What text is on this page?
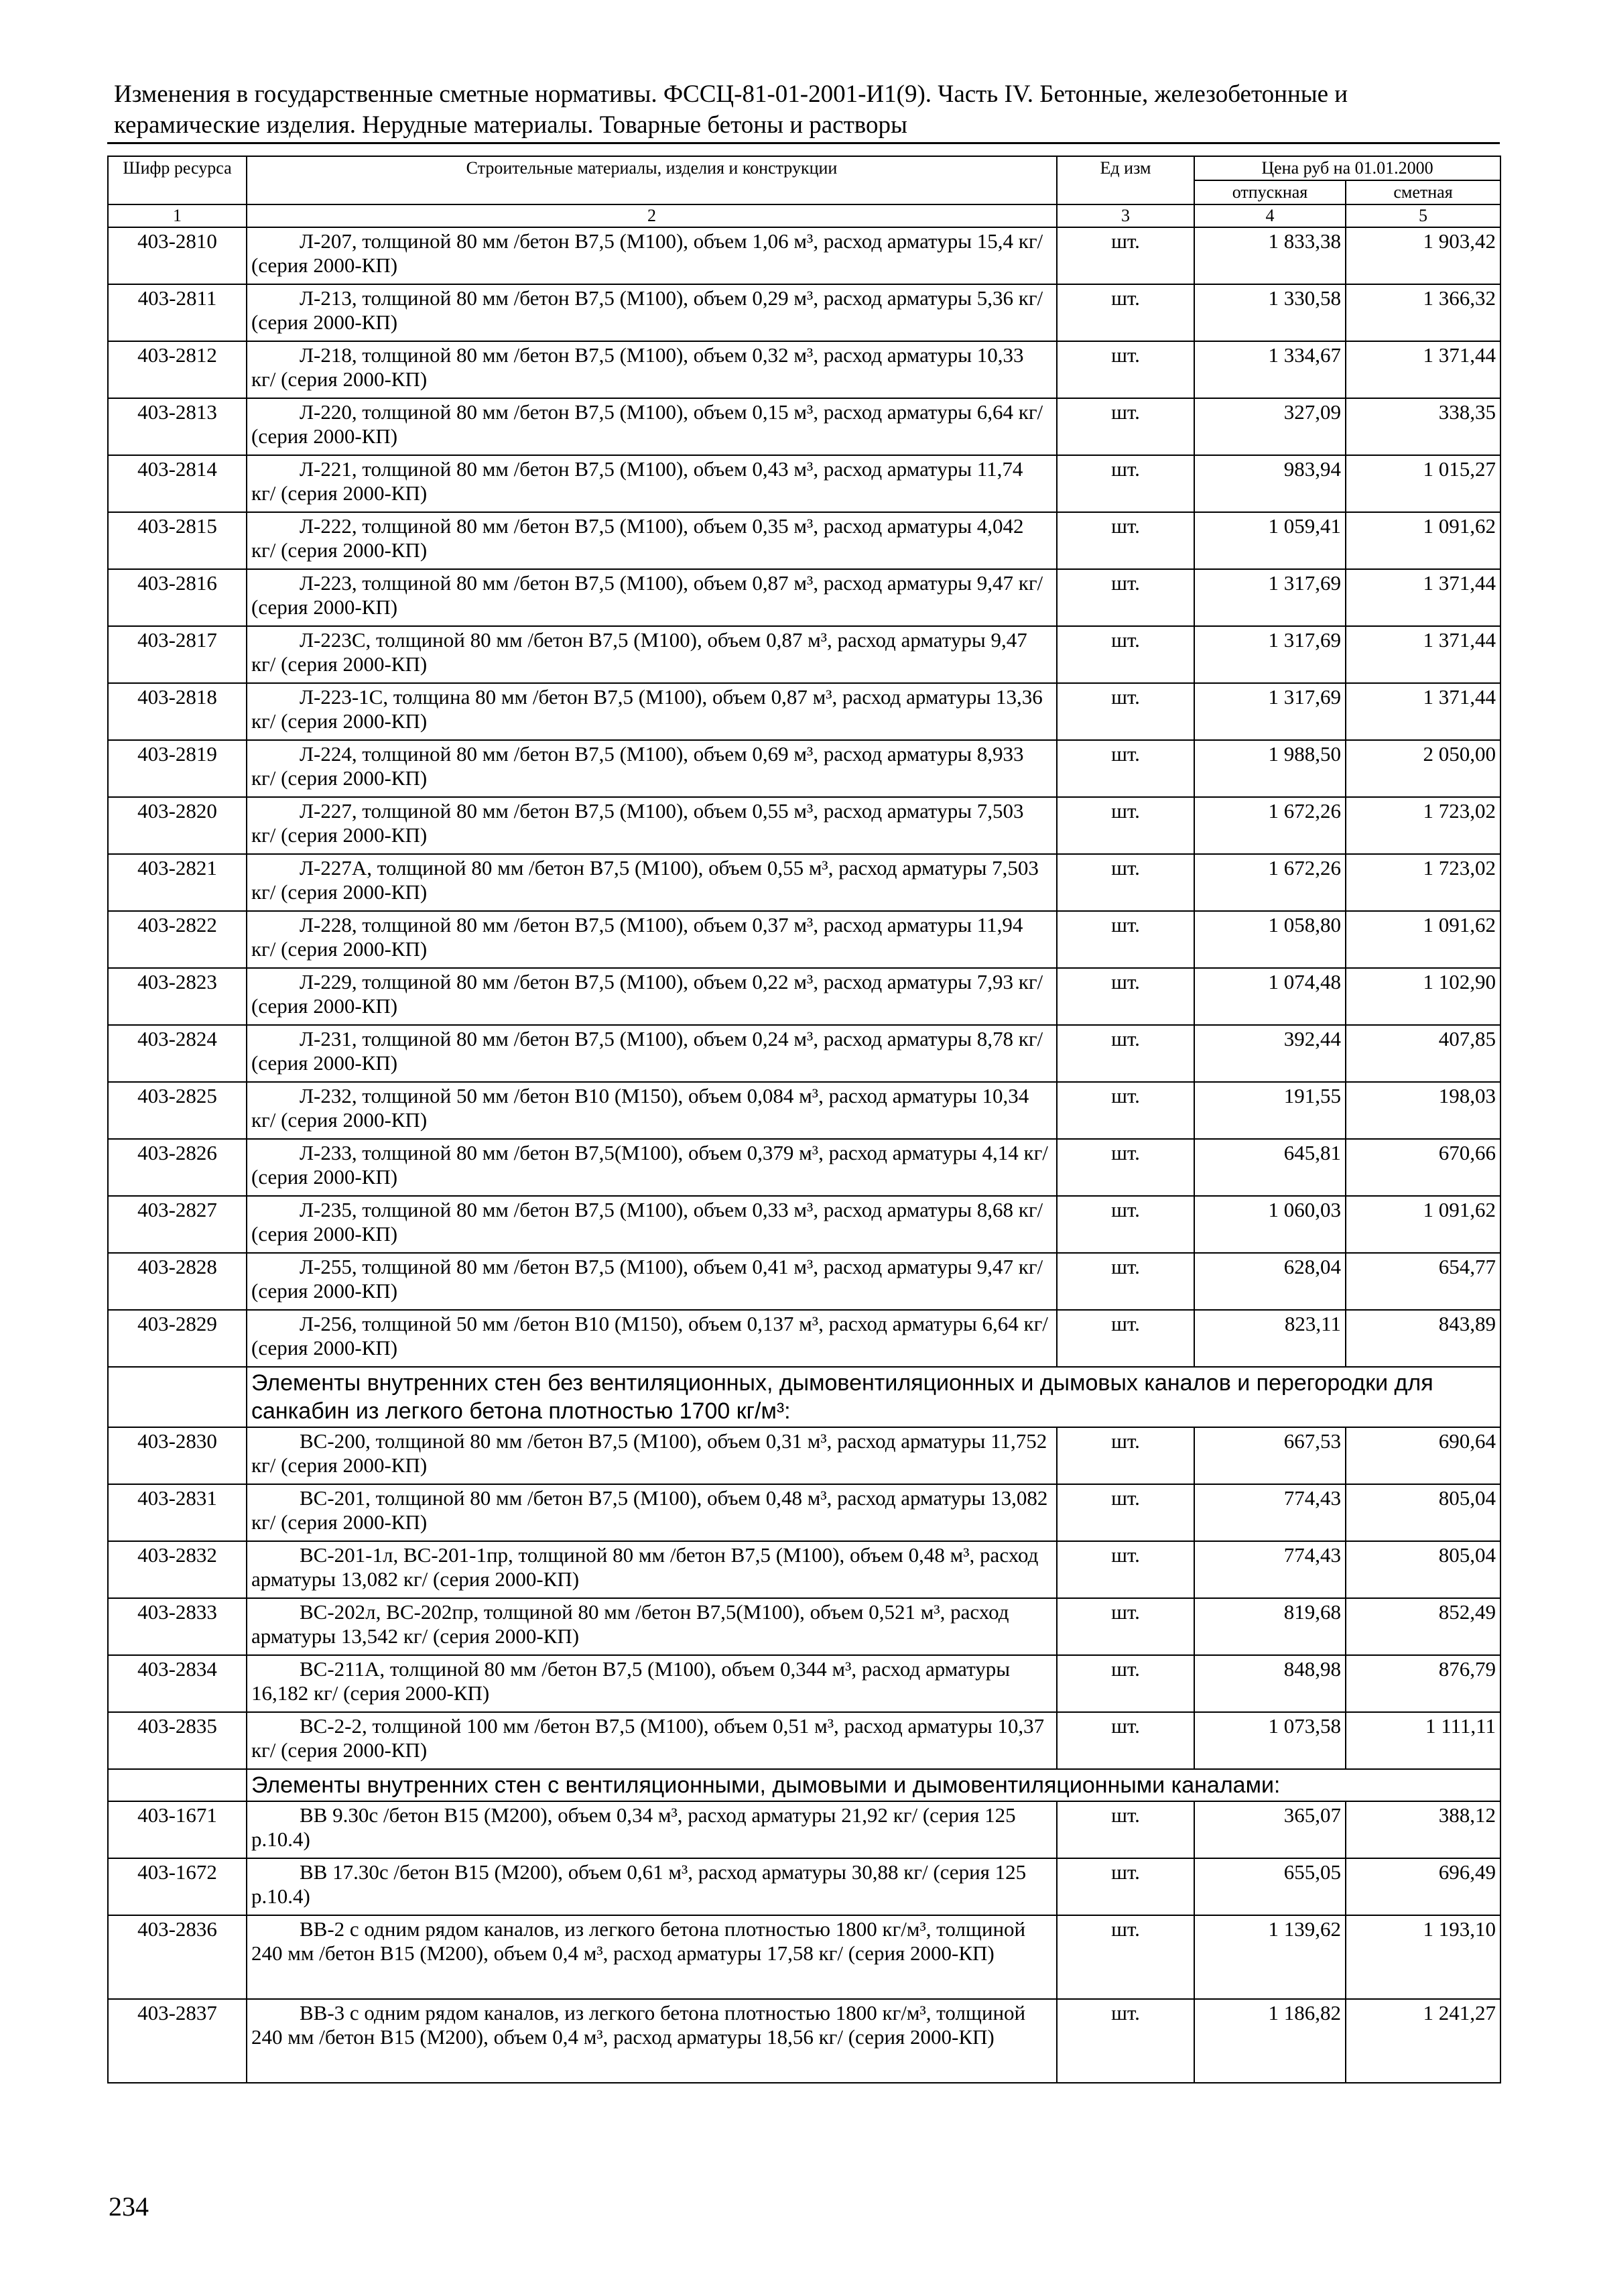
Изменения в государственные сметные нормативы. ФССЦ-81-01-2001-И1(9). Часть IV. Бетонные, железобетонные и керамические изделия. Нерудные материалы. Товарные бетоны и растворы
Шифр ресурса	Строительные материалы, изделия и конструкции	Ед изм	Цена руб на 01.01.2000	
			отпускная	сметная
1	2	3	4	5
403-2810	Л-207, толщиной 80 мм /бетон В7,5 (М100), объем 1,06 м³, расход арматуры 15,4 кг/ (серия 2000-КП)	шт.	1 833,38	1 903,42
403-2811	Л-213, толщиной 80 мм /бетон В7,5 (М100), объем 0,29 м³, расход арматуры 5,36 кг/ (серия 2000-КП)	шт.	1 330,58	1 366,32
403-2812	Л-218, толщиной 80 мм /бетон В7,5 (М100), объем 0,32 м³, расход арматуры 10,33 кг/ (серия 2000-КП)	шт.	1 334,67	1 371,44
403-2813	Л-220, толщиной 80 мм /бетон В7,5 (М100), объем 0,15 м³, расход арматуры 6,64 кг/ (серия 2000-КП)	шт.	327,09	338,35
403-2814	Л-221, толщиной 80 мм /бетон В7,5 (М100), объем 0,43 м³, расход арматуры 11,74 кг/ (серия 2000-КП)	шт.	983,94	1 015,27
403-2815	Л-222, толщиной 80 мм /бетон В7,5 (М100), объем 0,35 м³, расход арматуры 4,042 кг/ (серия 2000-КП)	шт.	1 059,41	1 091,62
403-2816	Л-223, толщиной 80 мм /бетон В7,5 (М100), объем 0,87 м³, расход арматуры 9,47 кг/ (серия 2000-КП)	шт.	1 317,69	1 371,44
403-2817	Л-223С, толщиной 80 мм /бетон В7,5 (М100), объем 0,87 м³, расход арматуры 9,47 кг/ (серия 2000-КП)	шт.	1 317,69	1 371,44
403-2818	Л-223-1С, толщина 80 мм /бетон В7,5 (М100), объем 0,87 м³, расход арматуры 13,36 кг/ (серия 2000-КП)	шт.	1 317,69	1 371,44
403-2819	Л-224, толщиной 80 мм /бетон В7,5 (М100), объем 0,69 м³, расход арматуры 8,933 кг/ (серия 2000-КП)	шт.	1 988,50	2 050,00
403-2820	Л-227, толщиной 80 мм /бетон В7,5 (М100), объем 0,55 м³, расход арматуры 7,503 кг/ (серия 2000-КП)	шт.	1 672,26	1 723,02
403-2821	Л-227А, толщиной 80 мм /бетон В7,5 (М100), объем 0,55 м³, расход арматуры 7,503 кг/ (серия 2000-КП)	шт.	1 672,26	1 723,02
403-2822	Л-228, толщиной 80 мм /бетон В7,5 (М100), объем 0,37 м³, расход арматуры 11,94 кг/ (серия 2000-КП)	шт.	1 058,80	1 091,62
403-2823	Л-229, толщиной 80 мм /бетон В7,5 (М100), объем 0,22 м³, расход арматуры 7,93 кг/ (серия 2000-КП)	шт.	1 074,48	1 102,90
403-2824	Л-231, толщиной 80 мм /бетон В7,5 (М100), объем 0,24 м³, расход арматуры 8,78 кг/ (серия 2000-КП)	шт.	392,44	407,85
403-2825	Л-232, толщиной 50 мм /бетон В10 (М150), объем 0,084 м³, расход арматуры 10,34 кг/ (серия 2000-КП)	шт.	191,55	198,03
403-2826	Л-233, толщиной 80 мм /бетон В7,5(М100), объем 0,379 м³, расход арматуры 4,14 кг/ (серия 2000-КП)	шт.	645,81	670,66
403-2827	Л-235, толщиной 80 мм /бетон В7,5 (М100), объем 0,33 м³, расход арматуры 8,68 кг/ (серия 2000-КП)	шт.	1 060,03	1 091,62
403-2828	Л-255, толщиной 80 мм /бетон В7,5 (М100), объем 0,41 м³, расход арматуры 9,47 кг/ (серия 2000-КП)	шт.	628,04	654,77
403-2829	Л-256, толщиной 50 мм /бетон В10 (М150), объем 0,137 м³, расход арматуры 6,64 кг/ (серия 2000-КП)	шт.	823,11	843,89
	Элементы внутренних стен без вентиляционных, дымовентиляционных и дымовых каналов и перегородки для санкабин из легкого бетона плотностью 1700 кг/м³:			
403-2830	ВС-200, толщиной 80 мм /бетон В7,5 (М100), объем 0,31 м³, расход арматуры 11,752 кг/ (серия 2000-КП)	шт.	667,53	690,64
403-2831	ВС-201, толщиной 80 мм /бетон В7,5 (М100), объем 0,48 м³, расход арматуры 13,082 кг/ (серия 2000-КП)	шт.	774,43	805,04
403-2832	ВС-201-1л, ВС-201-1пр, толщиной 80 мм /бетон В7,5 (М100), объем 0,48 м³, расход арматуры 13,082 кг/ (серия 2000-КП)	шт.	774,43	805,04
403-2833	ВС-202л, ВС-202пр, толщиной 80 мм /бетон В7,5(М100), объем 0,521 м³, расход арматуры 13,542 кг/ (серия 2000-КП)	шт.	819,68	852,49
403-2834	ВС-211А, толщиной 80 мм /бетон В7,5 (М100), объем 0,344 м³, расход арматуры 16,182 кг/ (серия 2000-КП)	шт.	848,98	876,79
403-2835	ВС-2-2, толщиной 100 мм /бетон В7,5 (М100), объем 0,51 м³, расход арматуры 10,37 кг/ (серия 2000-КП)	шт.	1 073,58	1 111,11
	Элементы внутренних стен с вентиляционными, дымовыми и дымовентиляционными каналами:			
403-1671	ВВ 9.30с /бетон В15 (М200), объем 0,34 м³, расход арматуры 21,92 кг/ (серия 125 р.10.4)	шт.	365,07	388,12
403-1672	ВВ 17.30с /бетон В15 (М200), объем 0,61 м³, расход арматуры 30,88 кг/ (серия 125 р.10.4)	шт.	655,05	696,49
403-2836	ВВ-2 с одним рядом каналов, из легкого бетона плотностью 1800 кг/м³, толщиной 240 мм /бетон В15 (М200), объем 0,4 м³, расход арматуры 17,58 кг/ (серия 2000-КП)	шт.	1 139,62	1 193,10
403-2837	ВВ-3 с одним рядом каналов, из легкого бетона плотностью 1800 кг/м³, толщиной 240 мм /бетон В15 (М200), объем 0,4 м³, расход арматуры 18,56 кг/ (серия 2000-КП)	шт.	1 186,82	1 241,27
234
